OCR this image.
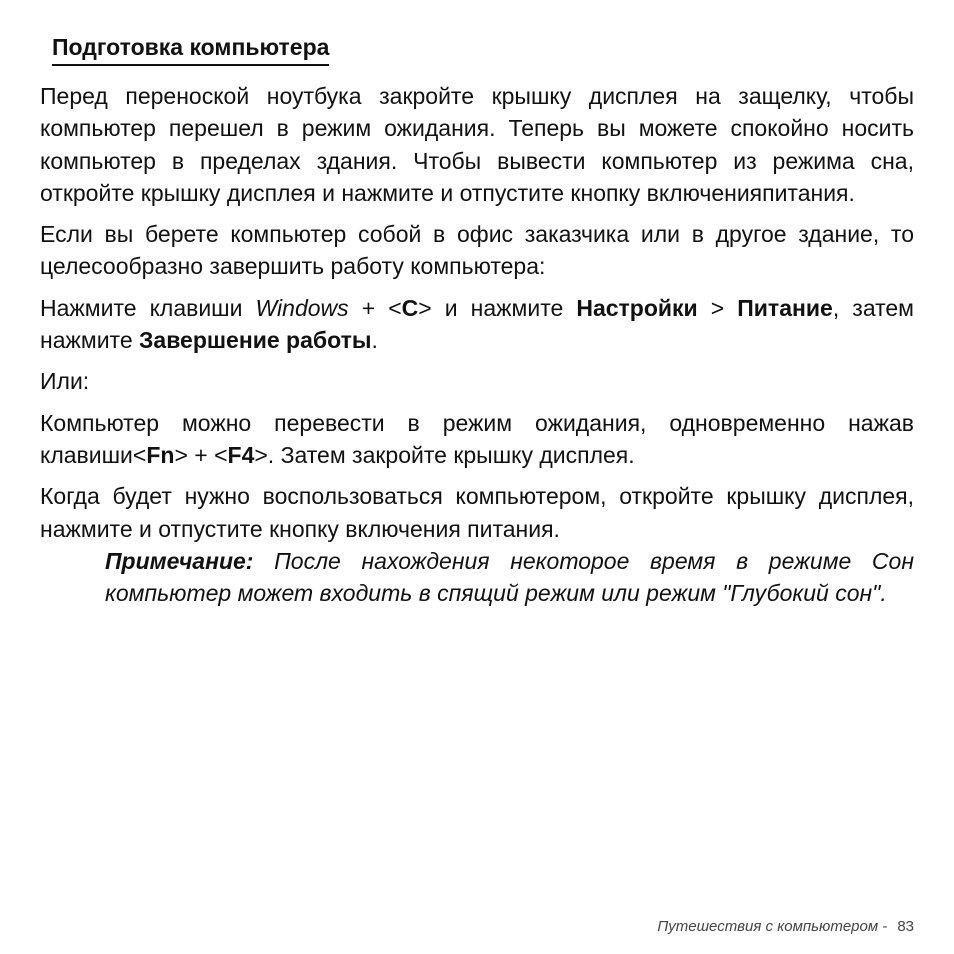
Подготовка компьютера

Перед переноской ноутбука закройте крышку дисплея на защелку, чтобы компьютер перешел в режим ожидания. Теперь вы можете спокойно носить компьютер в пределах здания. Чтобы вывести компьютер из режима сна, откройте крышку дисплея и нажмите и отпустите кнопку включенияпитания.

Если вы берете компьютер собой в офис заказчика или в другое здание, то целесообразно завершить работу компьютера:

Нажмите клавиши Windows + <C> и нажмите Настройки > Питание, затем нажмите Завершение работы.

Или:

Компьютер можно перевести в режим ожидания, одновременно нажав клавиши<Fn> + <F4>. Затем закройте крышку дисплея.

Когда будет нужно воспользоваться компьютером, откройте крышку дисплея, нажмите и отпустите кнопку включения питания.

Примечание: После нахождения некоторое время в режиме Сон компьютер может входить в спящий режим или режим "Глубокий сон".

Путешествия с компьютером - 83
